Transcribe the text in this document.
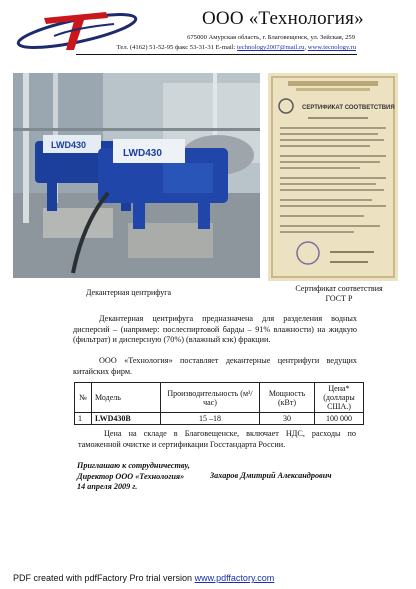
ООО «Технология»
675000 Амурская область, г. Благовещенск, ул. Зейская, 259
Тел. (4162) 51-52-95 факс 53-31-31 E-mail: technology2007@mail.ru, www.tecnology.ru
LWD430
LWD430
СЕРТИФИКАТ СООТВЕТСТВИЯ
Декантерная центрифуга	Сертификат соответствия ГОСТ Р
Декантерная центрифуга предназначена для разделения водных дисперсий – (например: послеспиртовой барды – 91% влажности) на жидкую (фильтрат) и дисперсную (70%) (влажный кэк) фракции.
ООО «Технология» поставляет декантерные центрифуги ведущих китайских фирм.
№	Модель	Производительность (м³/час)	Мощность (кВт)	Цена* (доллары США.)
1	LWD430B	15 –18	30	100 000
Цена на складе в Благовещенске, включает НДС, расходы по таможенной очистке и сертификации Госстандарта России.
Приглашаю к сотрудничеству,
Директор ООО «Технология»
14 апреля 2009 г.
Захаров Дмитрий Александрович
PDF created with pdfFactory Pro trial version www.pdffactory.com
